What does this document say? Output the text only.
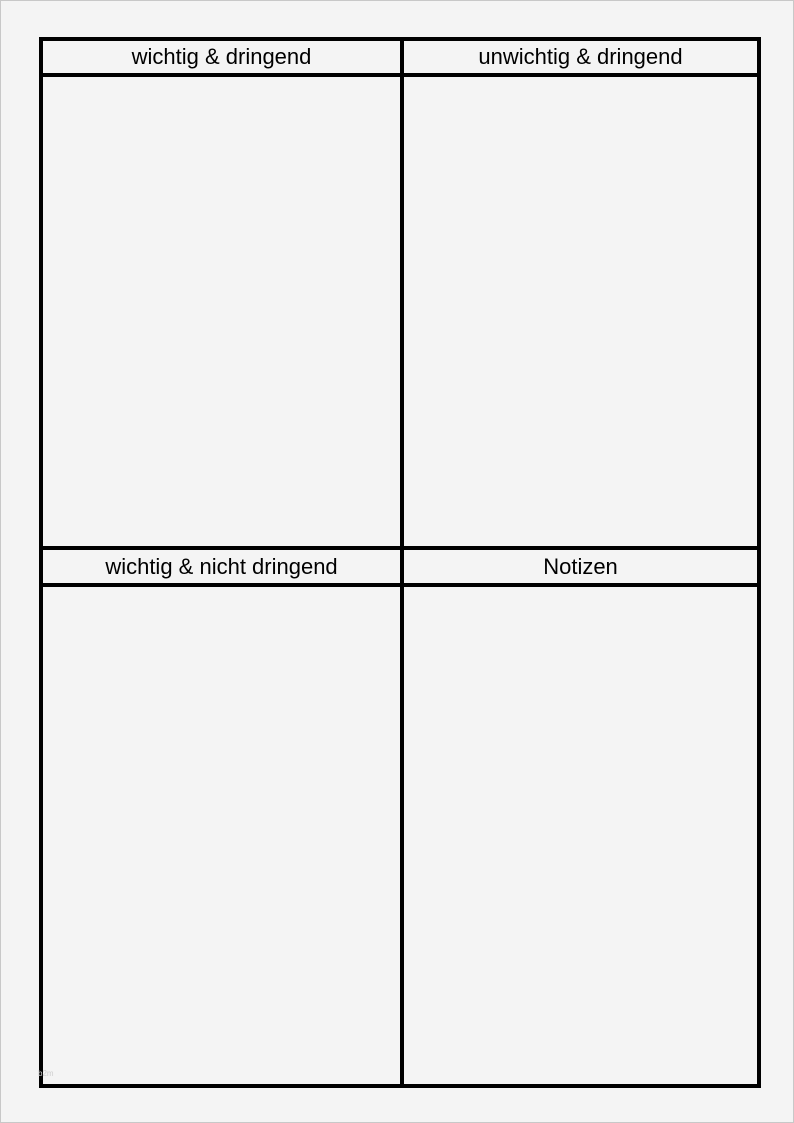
wichtig & dringend	unwichtig & dringend
wichtig & nicht dringend	Notizen
b2m
